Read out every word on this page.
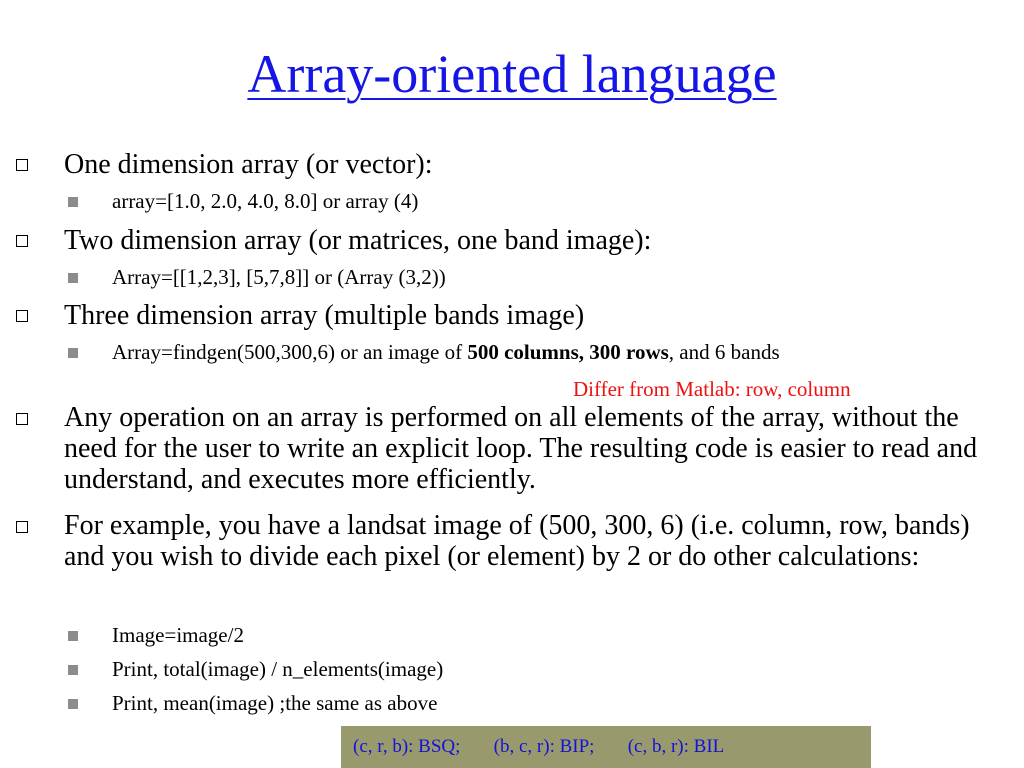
Array-oriented language
One dimension array (or vector):
array=[1.0, 2.0, 4.0, 8.0] or array (4)
Two dimension array (or matrices, one band image):
Array=[[1,2,3], [5,7,8]] or (Array (3,2))
Three dimension array (multiple bands image)
Array=findgen(500,300,6) or an image of 500 columns, 300 rows, and 6 bands
Differ from Matlab: row, column
Any operation on an array is performed on all elements of the array, without the need for the user to write an explicit loop. The resulting code is easier to read and understand, and executes more efficiently.
For example, you have a landsat image of (500, 300, 6) (i.e. column, row, bands) and you wish to divide each pixel (or element) by 2 or do other calculations:
Image=image/2
Print, total(image) / n_elements(image)
Print, mean(image) ;the same as above
(c, r, b): BSQ;       (b, c, r): BIP;       (c, b, r): BIL
